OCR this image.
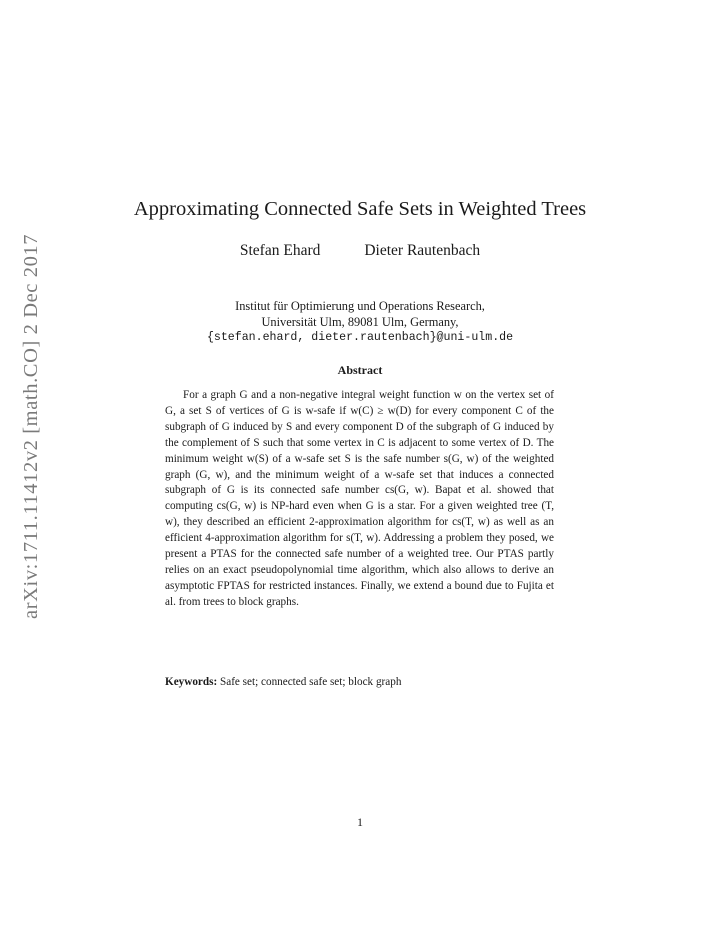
arXiv:1711.11412v2 [math.CO] 2 Dec 2017
Approximating Connected Safe Sets in Weighted Trees
Stefan Ehard	Dieter Rautenbach
Institut für Optimierung und Operations Research,
Universität Ulm, 89081 Ulm, Germany,
{stefan.ehard, dieter.rautenbach}@uni-ulm.de
Abstract

For a graph G and a non-negative integral weight function w on the vertex set of G, a set S of vertices of G is w-safe if w(C) ≥ w(D) for every component C of the subgraph of G induced by S and every component D of the subgraph of G induced by the complement of S such that some vertex in C is adjacent to some vertex of D. The minimum weight w(S) of a w-safe set S is the safe number s(G, w) of the weighted graph (G, w), and the minimum weight of a w-safe set that induces a connected subgraph of G is its connected safe number cs(G, w). Bapat et al. showed that computing cs(G, w) is NP-hard even when G is a star. For a given weighted tree (T, w), they described an efficient 2-approximation algorithm for cs(T, w) as well as an efficient 4-approximation algorithm for s(T, w). Addressing a problem they posed, we present a PTAS for the connected safe number of a weighted tree. Our PTAS partly relies on an exact pseudopolynomial time algorithm, which also allows to derive an asymptotic FPTAS for restricted instances. Finally, we extend a bound due to Fujita et al. from trees to block graphs.

Keywords: Safe set; connected safe set; block graph
1
